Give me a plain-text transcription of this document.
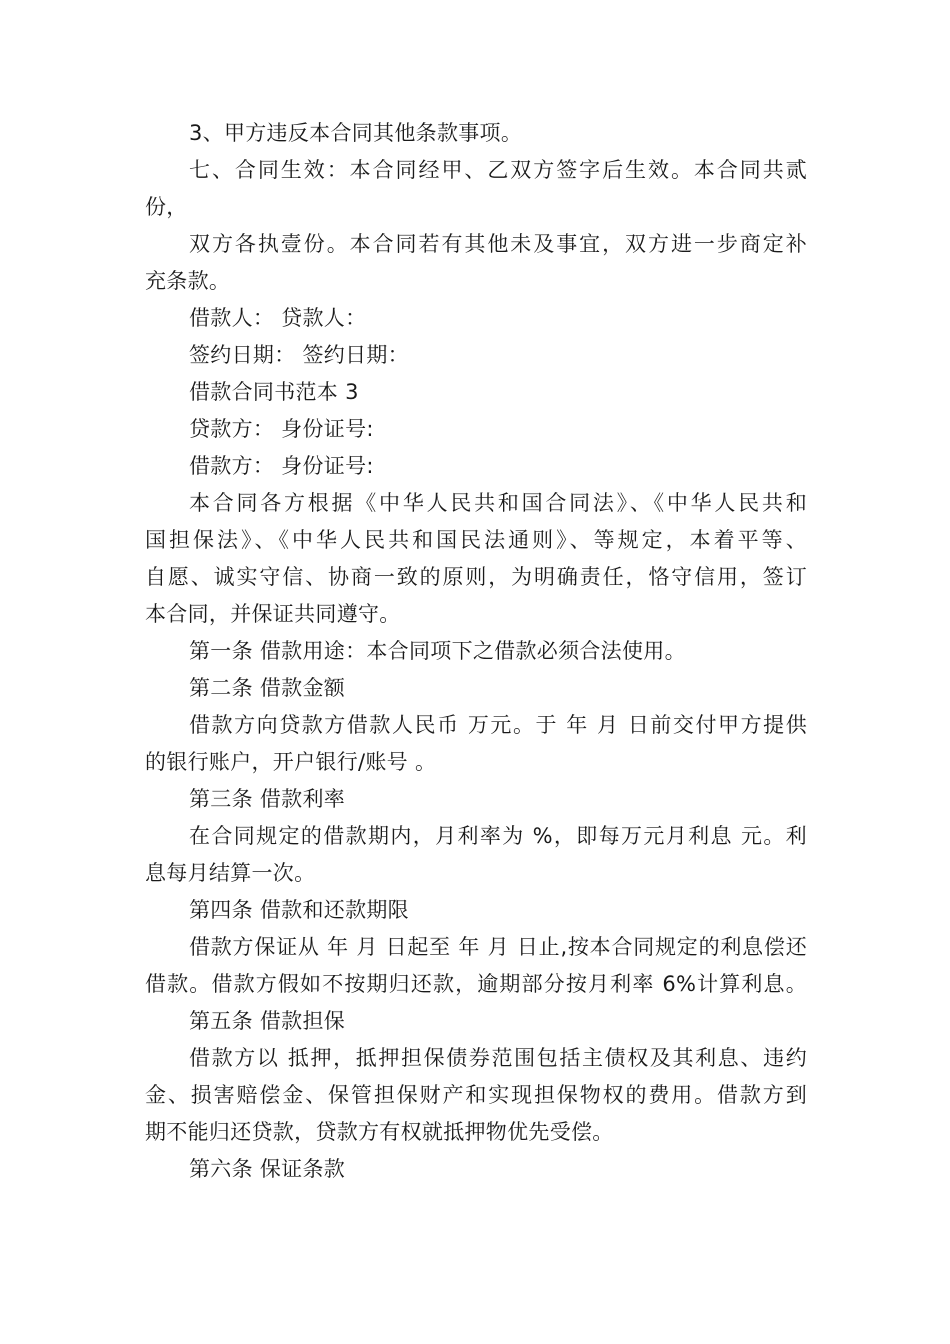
3、甲方违反本合同其他条款事项。
七、合同生效：本合同经甲、乙双方签字后生效。本合同共贰
份，
双方各执壹份。本合同若有其他未及事宜，双方进一步商定补
充条款。
借款人： 贷款人：
签约日期： 签约日期：
借款合同书范本 3
贷款方： 身份证号:
借款方： 身份证号:
本合同各方根据《中华人民共和国合同法》、《中华人民共和
国担保法》、《中华人民共和国民法通则》、等规定，本着平等、
自愿、诚实守信、协商一致的原则，为明确责任，恪守信用，签订
本合同，并保证共同遵守。
第一条 借款用途：本合同项下之借款必须合法使用。
第二条 借款金额
借款方向贷款方借款人民币 万元。于 年 月 日前交付甲方提供
的银行账户，开户银行/账号 。
第三条 借款利率
在合同规定的借款期内，月利率为 %，即每万元月利息 元。利
息每月结算一次。
第四条 借款和还款期限
借款方保证从 年 月 日起至 年 月 日止,按本合同规定的利息偿还
借款。借款方假如不按期归还款，逾期部分按月利率 6%计算利息。
第五条 借款担保
借款方以 抵押，抵押担保债券范围包括主债权及其利息、违约
金、损害赔偿金、保管担保财产和实现担保物权的费用。借款方到
期不能归还贷款，贷款方有权就抵押物优先受偿。
第六条 保证条款
